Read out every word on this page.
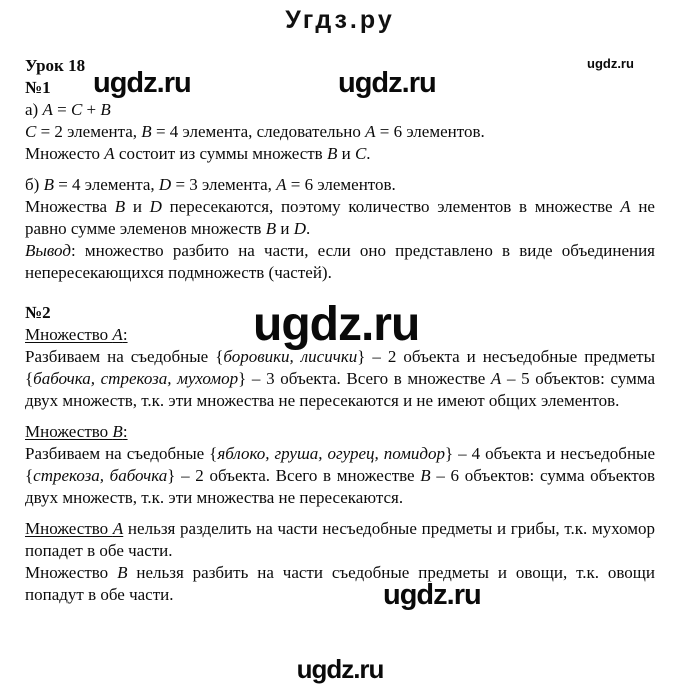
Угдз.ру
ugdz.ru
ugdz.ru	ugdz.ru
ugdz.ru
ugdz.ru
ugdz.ru
Урок 18
№1
а) A = C + B
C = 2 элемента, B = 4 элемента, следовательно A = 6 элементов.
Множесто A состоит из суммы множеств B и C.
б) B = 4 элемента, D = 3 элемента, A = 6 элементов.
Множества B и D пересекаются, поэтому количество элементов в множестве A не равно сумме элеменов множеств B и D.
Вывод: множество разбито на части, если оно представлено в виде объединения непересекающихся подмножеств (частей).
№2
Множество A:
Разбиваем на съедобные {боровики, лисички} – 2 объекта и несъедобные предметы {бабочка, стрекоза, мухомор} – 3 объекта. Всего в множестве A – 5 объектов: сумма двух множеств, т.к. эти множества не пересекаются и не имеют общих элементов.
Множество B:
Разбиваем на съедобные {яблоко, груша, огурец, помидор} – 4 объекта и несъедобные {стрекоза, бабочка} – 2 объекта. Всего в множестве B – 6 объектов: сумма объектов двух множеств, т.к. эти множества не пересекаются.
Множество A нельзя разделить на части несъедобные предметы и грибы, т.к. мухомор попадет в обе части.
Множество B нельзя разбить на части съедобные предметы и овощи, т.к. овощи попадут в обе части.
